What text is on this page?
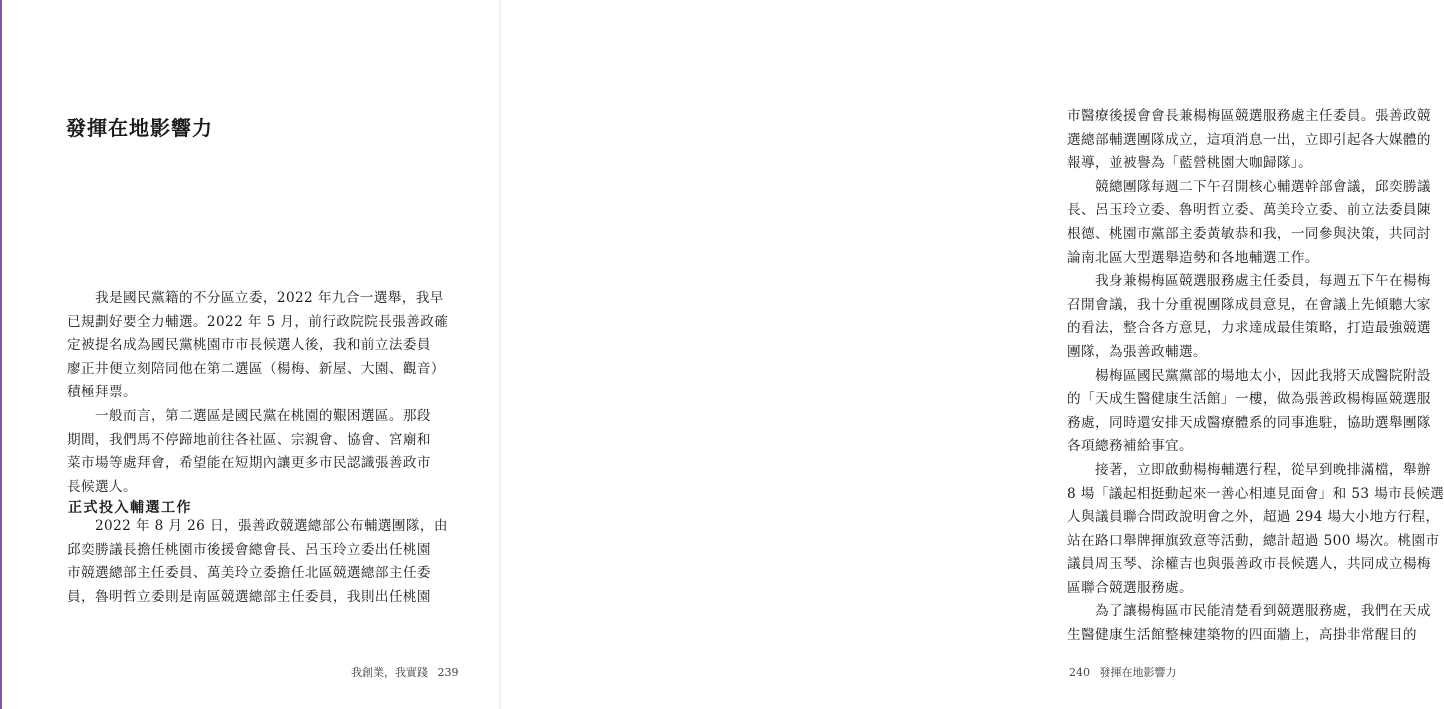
發揮在地影響力
　　我是國民黨籍的不分區立委，2022 年九合一選舉，我早
已規劃好要全力輔選。2022 年 5 月，前行政院院長張善政確
定被提名成為國民黨桃園市市長候選人後，我和前立法委員
廖正井便立刻陪同他在第二選區（楊梅、新屋、大園、觀音）
積極拜票。
　　一般而言，第二選區是國民黨在桃園的艱困選區。那段
期間，我們馬不停蹄地前往各社區、宗親會、協會、宮廟和
菜市場等處拜會，希望能在短期內讓更多市民認識張善政市
長候選人。
正式投入輔選工作
　　2022 年 8 月 26 日，張善政競選總部公布輔選團隊，由
邱奕勝議長擔任桃園市後援會總會長、呂玉玲立委出任桃園
市競選總部主任委員、萬美玲立委擔任北區競選總部主任委
員，魯明哲立委則是南區競選總部主任委員，我則出任桃園
我創業，我實踐 239
市醫療後援會會長兼楊梅區競選服務處主任委員。張善政競
選總部輔選團隊成立，這項消息一出，立即引起各大媒體的
報導，並被譽為「藍營桃園大咖歸隊」。
　　競總團隊每週二下午召開核心輔選幹部會議，邱奕勝議
長、呂玉玲立委、魯明哲立委、萬美玲立委、前立法委員陳
根德、桃園市黨部主委黃敏恭和我，一同參與決策，共同討
論南北區大型選舉造勢和各地輔選工作。
　　我身兼楊梅區競選服務處主任委員，每週五下午在楊梅
召開會議，我十分重視團隊成員意見，在會議上先傾聽大家
的看法，整合各方意見，力求達成最佳策略，打造最強競選
團隊，為張善政輔選。
　　楊梅區國民黨黨部的場地太小，因此我將天成醫院附設
的「天成生醫健康生活館」一樓，做為張善政楊梅區競選服
務處，同時還安排天成醫療體系的同事進駐，協助選舉團隊
各項總務補給事宜。
　　接著，立即啟動楊梅輔選行程，從早到晚排滿檔，舉辦
8 場「議起相挺動起來一善心相連見面會」和 53 場市長候選
人與議員聯合問政說明會之外，超過 294 場大小地方行程，
站在路口舉牌揮旗致意等活動，總計超過 500 場次。桃園市
議員周玉琴、涂權吉也與張善政市長候選人，共同成立楊梅
區聯合競選服務處。
　　為了讓楊梅區市民能清楚看到競選服務處，我們在天成
生醫健康生活館整棟建築物的四面牆上，高掛非常醒目的
240 發揮在地影響力
